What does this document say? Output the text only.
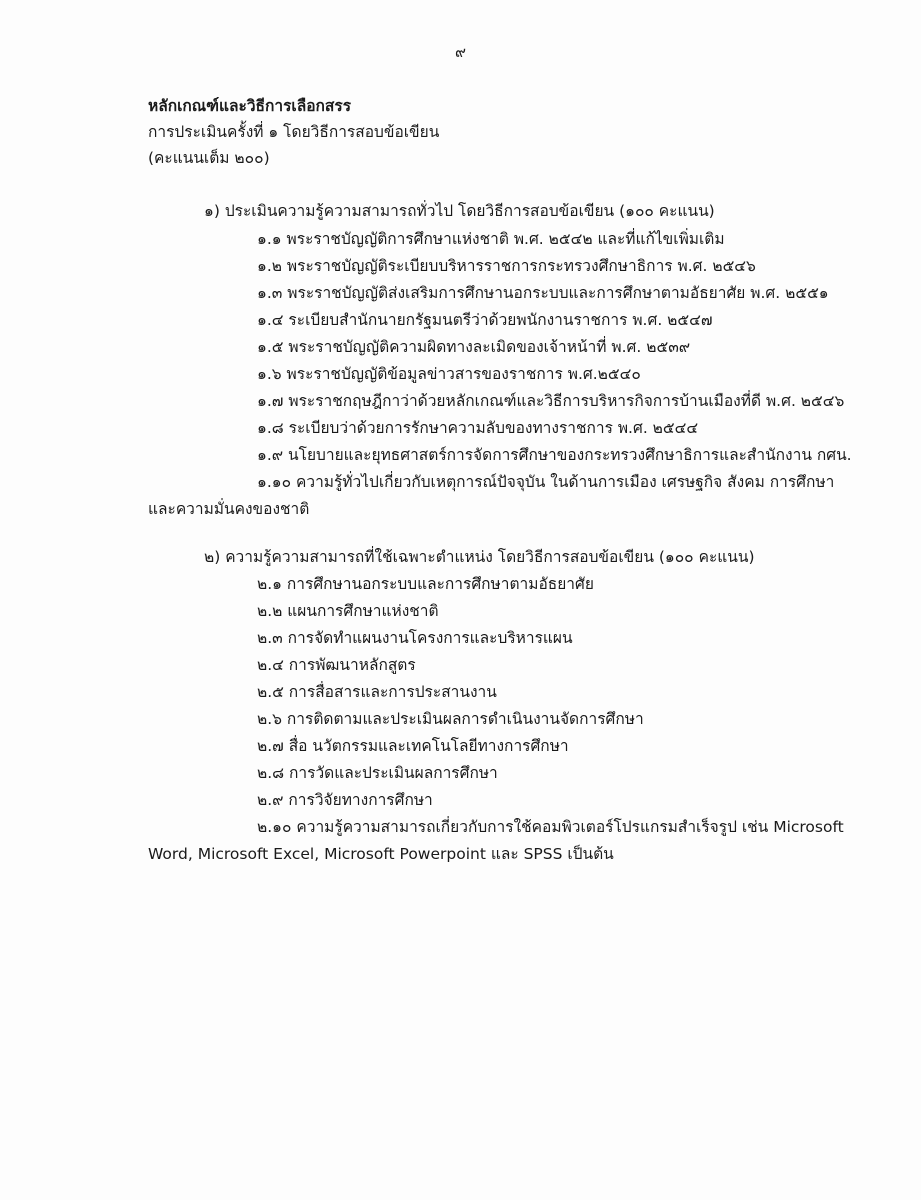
๙
หลักเกณฑ์และวิธีการเลือกสรร
การประเมินครั้งที่ ๑ โดยวิธีการสอบข้อเขียน
(คะแนนเต็ม ๒๐๐)
๑) ประเมินความรู้ความสามารถทั่วไป โดยวิธีการสอบข้อเขียน (๑๐๐ คะแนน)
๑.๑ พระราชบัญญัติการศึกษาแห่งชาติ พ.ศ. ๒๕๔๒ และที่แก้ไขเพิ่มเติม
๑.๒ พระราชบัญญัติระเบียบบริหารราชการกระทรวงศึกษาธิการ พ.ศ. ๒๕๔๖
๑.๓ พระราชบัญญัติส่งเสริมการศึกษานอกระบบและการศึกษาตามอัธยาศัย พ.ศ. ๒๕๕๑
๑.๔ ระเบียบสำนักนายกรัฐมนตรีว่าด้วยพนักงานราชการ พ.ศ. ๒๕๔๗
๑.๕ พระราชบัญญัติความผิดทางละเมิดของเจ้าหน้าที่ พ.ศ. ๒๕๓๙
๑.๖ พระราชบัญญัติข้อมูลข่าวสารของราชการ พ.ศ.๒๕๔๐
๑.๗ พระราชกฤษฎีกาว่าด้วยหลักเกณฑ์และวิธีการบริหารกิจการบ้านเมืองที่ดี พ.ศ. ๒๕๔๖
๑.๘ ระเบียบว่าด้วยการรักษาความลับของทางราชการ พ.ศ. ๒๕๔๔
๑.๙ นโยบายและยุทธศาสตร์การจัดการศึกษาของกระทรวงศึกษาธิการและสำนักงาน กศน.
๑.๑๐ ความรู้ทั่วไปเกี่ยวกับเหตุการณ์ปัจจุบัน ในด้านการเมือง เศรษฐกิจ สังคม การศึกษา
และความมั่นคงของชาติ
๒) ความรู้ความสามารถที่ใช้เฉพาะตำแหน่ง โดยวิธีการสอบข้อเขียน (๑๐๐ คะแนน)
๒.๑ การศึกษานอกระบบและการศึกษาตามอัธยาศัย
๒.๒ แผนการศึกษาแห่งชาติ
๒.๓ การจัดทำแผนงานโครงการและบริหารแผน
๒.๔ การพัฒนาหลักสูตร
๒.๕ การสื่อสารและการประสานงาน
๒.๖ การติดตามและประเมินผลการดำเนินงานจัดการศึกษา
๒.๗ สื่อ นวัตกรรมและเทคโนโลยีทางการศึกษา
๒.๘ การวัดและประเมินผลการศึกษา
๒.๙ การวิจัยทางการศึกษา
๒.๑๐ ความรู้ความสามารถเกี่ยวกับการใช้คอมพิวเตอร์โปรแกรมสำเร็จรูป เช่น Microsoft
Word, Microsoft Excel, Microsoft Powerpoint และ SPSS เป็นต้น
